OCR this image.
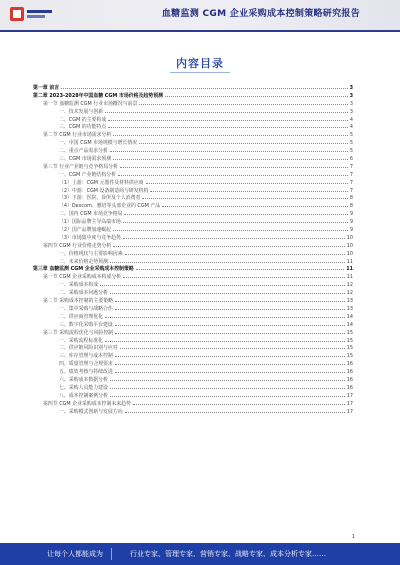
血糖监测 CGM 企业采购成本控制策略研究报告
内容目录
第一章 前言	3
第二章 2023-2028年中国血糖 CGM 市场价格及趋势预测	3
第一节 血糖监测 CGM 行业市场概况与前景	3
一、技术发展与创新	3
二、CGM 的主要构成	4
三、CGM 的功能特点	4
第二节 CGM 行业市场需求分析	5
一、中国 CGM 市场规模与增长情况	5
二、重点产品需求分析	5
三、CGM 市场需求预测	6
第三节 行业产业链与竞争格局分析	7
一、CGM 产业链结构分析	7
（1）上游：CGM 元器件及材料供应商	7
（2）中游：CGM 设备制造商与研发机构	7
（3）下游：医院、诊所及个人消费者	8
（4）Dexcom、雅培等头部企业的 CGM 产品	8
二、国内 CGM 市场竞争格局	9
（1）国际品牌主导高端市场	9
（2）国产品牌加速崛起	9
（3）市场集中度与竞争趋势	10
第四节 CGM 行业价格走势分析	10
一、价格现状与主要影响因素	10
二、未来价格走势预测	11
第三章 血糖监测 CGM 企业采购成本控制策略	11
第一节 CGM 企业采购成本构成分析	11
一、采购成本构成	12
二、采购成本问题分析	12
第二节 采购成本控制的主要策略	13
一、集中采购与战略合作	13
二、供应商管理优化	14
三、数字化采购平台建设	14
第三节 采购流程优化与风险控制	15
一、采购流程标准化	15
二、供应链风险识别与应对	15
三、库存管理与成本控制	15
四、质量管理与合规要求	16
五、绩效考核与持续改进	16
六、采购成本数据分析	16
七、采购人员能力建设	16
八、成本控制案例分析	17
第四节 CGM 企业采购成本控制未来趋势	17
一、采购模式创新与发展方向	17
1
让每个人都能成为	行业专家、管理专家、营销专家、战略专家、成本分析专家……
